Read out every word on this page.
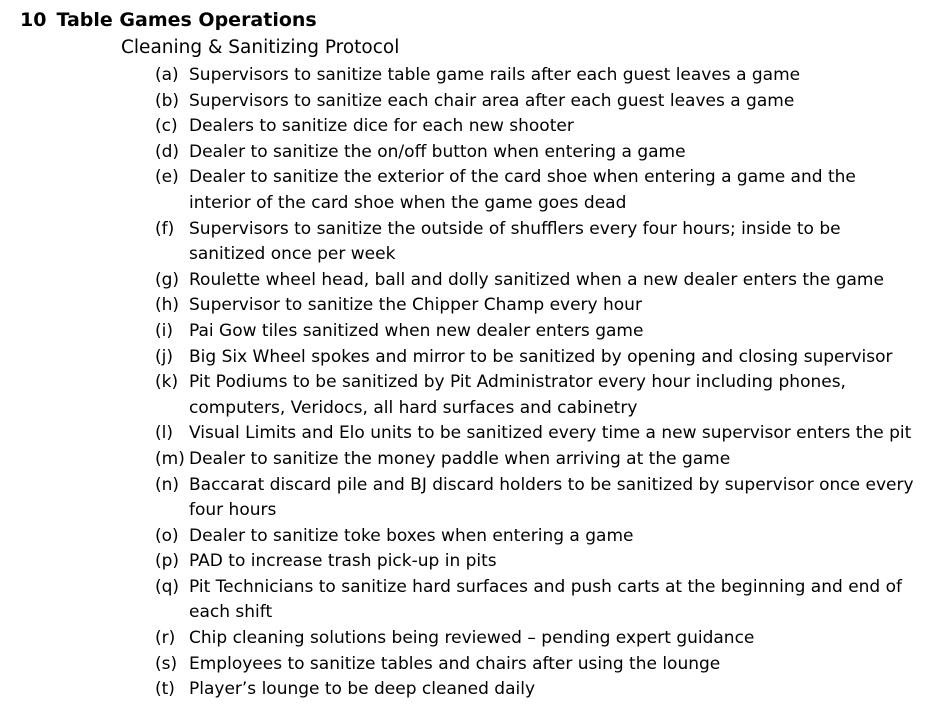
10 Table Games Operations
Cleaning & Sanitizing Protocol
(a) Supervisors to sanitize table game rails after each guest leaves a game
(b) Supervisors to sanitize each chair area after each guest leaves a game
(c) Dealers to sanitize dice for each new shooter
(d) Dealer to sanitize the on/off button when entering a game
(e) Dealer to sanitize the exterior of the card shoe when entering a game and the
interior of the card shoe when the game goes dead
(f) Supervisors to sanitize the outside of shufflers every four hours; inside to be
sanitized once per week
(g) Roulette wheel head, ball and dolly sanitized when a new dealer enters the game
(h) Supervisor to sanitize the Chipper Champ every hour
(i) Pai Gow tiles sanitized when new dealer enters game
(j) Big Six Wheel spokes and mirror to be sanitized by opening and closing supervisor
(k) Pit Podiums to be sanitized by Pit Administrator every hour including phones,
computers, Veridocs, all hard surfaces and cabinetry
(l) Visual Limits and Elo units to be sanitized every time a new supervisor enters the pit
(m) Dealer to sanitize the money paddle when arriving at the game
(n) Baccarat discard pile and BJ discard holders to be sanitized by supervisor once every
four hours
(o) Dealer to sanitize toke boxes when entering a game
(p) PAD to increase trash pick-up in pits
(q) Pit Technicians to sanitize hard surfaces and push carts at the beginning and end of
each shift
(r) Chip cleaning solutions being reviewed – pending expert guidance
(s) Employees to sanitize tables and chairs after using the lounge
(t) Player’s lounge to be deep cleaned daily
